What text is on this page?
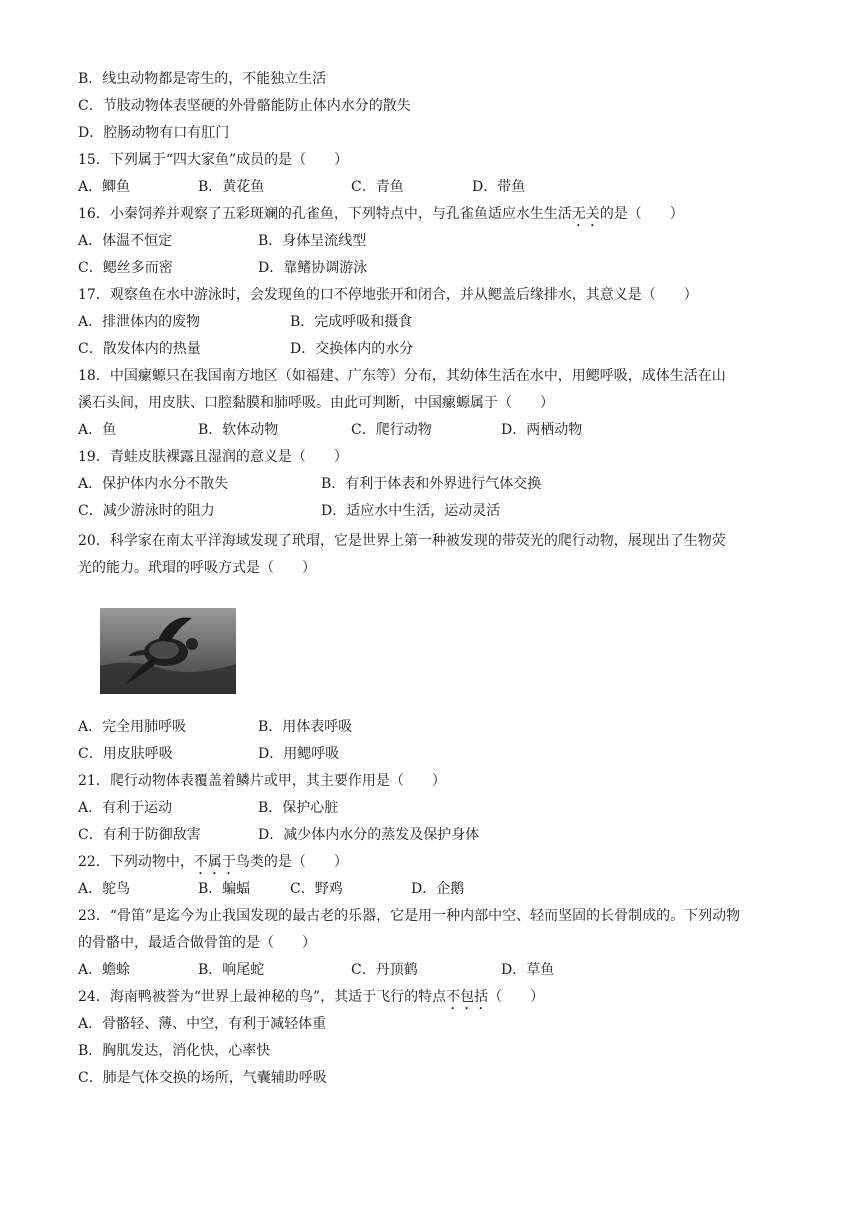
B．线虫动物都是寄生的，不能独立生活
C．节肢动物体表坚硬的外骨骼能防止体内水分的散失
D．腔肠动物有口有肛门
15．下列属于“四大家鱼”成员的是（　　）
A．鲫鱼	B．黄花鱼	C．青鱼	D．带鱼
16．小秦饲养并观察了五彩斑斓的孔雀鱼，下列特点中，与孔雀鱼适应水生生活无关的是（　　）
A．体温不恒定	B．身体呈流线型
C．鳃丝多而密	D．靠鳍协调游泳
17．观察鱼在水中游泳时，会发现鱼的口不停地张开和闭合，并从鳃盖后缘排水，其意义是（　　）
A．排泄体内的废物	B．完成呼吸和摄食
C．散发体内的热量	D．交换体内的水分
18．中国瘰螈只在我国南方地区（如福建、广东等）分布，其幼体生活在水中，用鳃呼吸，成体生活在山
溪石头间，用皮肤、口腔黏膜和肺呼吸。由此可判断，中国瘰螈属于（　　）
A．鱼	B．软体动物	C．爬行动物	D．两栖动物
19．青蛙皮肤裸露且湿润的意义是（　　）
A．保护体内水分不散失	B．有利于体表和外界进行气体交换
C．减少游泳时的阻力	D．适应水中生活，运动灵活
20．科学家在南太平洋海域发现了玳瑁，它是世界上第一种被发现的带荧光的爬行动物，展现出了生物荧
光的能力。玳瑁的呼吸方式是（　　）
A．完全用肺呼吸	B．用体表呼吸
C．用皮肤呼吸	D．用鳃呼吸
21．爬行动物体表覆盖着鳞片或甲，其主要作用是（　　）
A．有利于运动	B．保护心脏
C．有利于防御敌害	D．减少体内水分的蒸发及保护身体
22．下列动物中，不属于鸟类的是（　　）
A．鸵鸟	B．蝙蝠	C．野鸡	D．企鹅
23．“骨笛”是迄今为止我国发现的最古老的乐器，它是用一种内部中空、轻而坚固的长骨制成的。下列动物
的骨骼中，最适合做骨笛的是（　　）
A．蟾蜍	B．响尾蛇	C．丹顶鹤	D．草鱼
24．海南鸭被誉为“世界上最神秘的鸟”，其适于飞行的特点不包括（　　）
A．骨骼轻、薄、中空，有利于减轻体重
B．胸肌发达，消化快，心率快
C．肺是气体交换的场所，气囊辅助呼吸
